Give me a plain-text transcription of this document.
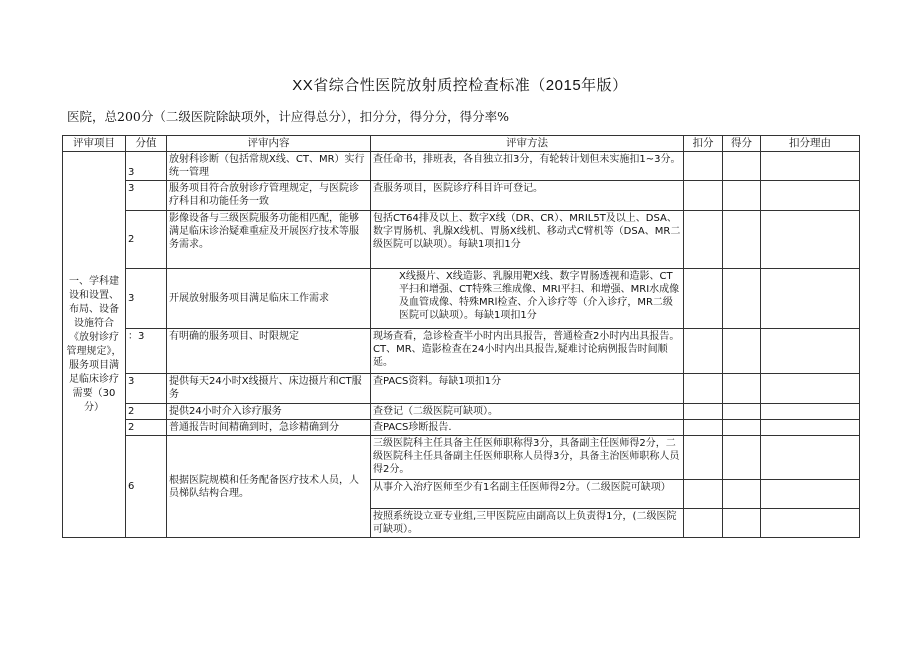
XX省综合性医院放射质控检查标准（2015年版）
医院，总200分（二级医院除缺项外，计应得总分），扣分分，得分分，得分率%
评审项目	分值	评审内容	评审方法	扣分	得分	扣分理由
一、学科建设和设置、布局、设备设施符合《放射诊疗管理规定》，服务项目满足临床诊疗需要（30分）	3	放射科诊断（包括常规X线、CT、MR）实行统一管理	查任命书，排班表，各自独立扣3分，有轮转计划但未实施扣1~3分。			
	3	服务项目符合放射诊疗管理规定，与医院诊疗科目和功能任务一致	查服务项目，医院诊疗科目许可登记。			
	2	影像设备与三级医院服务功能相匹配，能够满足临床诊治疑难重症及开展医疗技术等服务需求。	包括CT64排及以上、数字X线（DR、CR）、MRIL5T及以上、DSA、数字胃肠机、乳腺X线机、胃肠X线机、移动式C臂机等（DSA、MR二级医院可以缺项）。每缺1项扣1分			
	3	开展放射服务项目满足临床工作需求	X线摄片、X线造影、乳腺用靶X线、数字胃肠透视和造影、CT平扫和增强、CT特殊三维成像、MRI平扫、和增强、MRI水成像及血管成像、特殊MRl检查、介入诊疗等（介入诊疗，MR二级医院可以缺项）。每缺1项扣1分			
	：3	有明确的服务项目、时限规定	现场查看，急诊检查半小时内出具报告，普通检查2小时内出具报告。CT、MR、造影检查在24小时内出具报告,疑难讨论病例报告时间顺延。			
	3	提供每天24小时X线摄片、床边摄片和CT服务	查PACS资料。每缺1项扣1分			
	2	提供24小时介入诊疗服务	查登记（二级医院可缺项）。			
	2	普通报告时间精确到时，急诊精确到分	查PACS珍断报告.			
	6	根据医院规模和任务配备医疗技术人员，人员梯队结构合理。	三级医院科主任具备主任医师职称得3分，具备副主任医师得2分，二级医院科主任具备副主任医师职称人员得3分，具备主治医师职称人员得2分。			
			从事介入治疗医师至少有1名副主任医师得2分。（二级医院可缺项）			
			按照系统设立亚专业组,三甲医院应由副高以上负责得1分，(二级医院可缺项）。			
